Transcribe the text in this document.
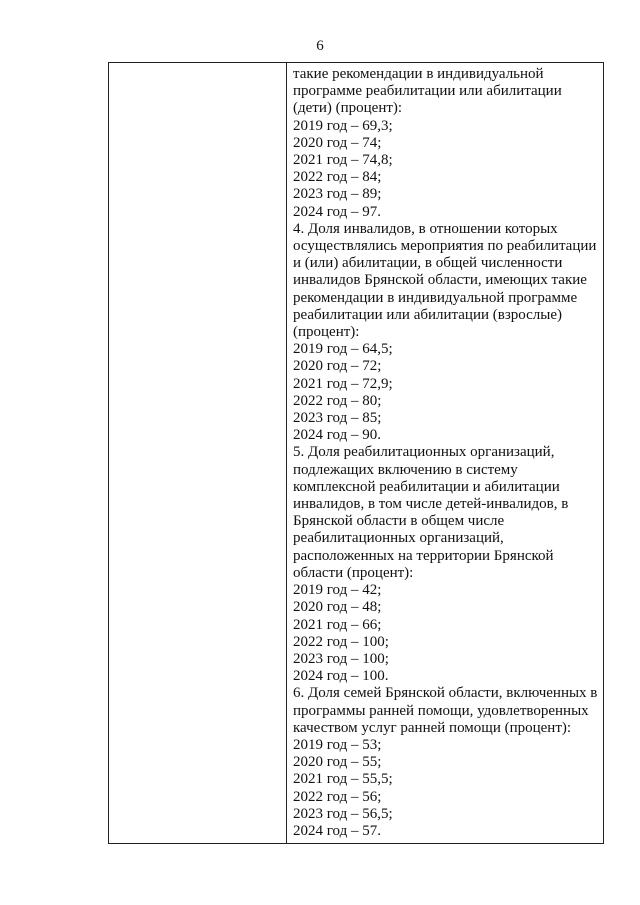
6
такие рекомендации в индивидуальной
программе реабилитации или абилитации
(дети) (процент):
2019 год – 69,3;
2020 год – 74;
2021 год – 74,8;
2022 год – 84;
2023 год – 89;
2024 год – 97.
4. Доля инвалидов, в отношении которых
осуществлялись мероприятия по реабилитации
и (или) абилитации, в общей численности
инвалидов Брянской области, имеющих такие
рекомендации в индивидуальной программе
реабилитации или абилитации (взрослые)
(процент):
2019 год – 64,5;
2020 год – 72;
2021 год – 72,9;
2022 год – 80;
2023 год – 85;
2024 год – 90.
5. Доля реабилитационных организаций,
подлежащих включению в систему
комплексной реабилитации и абилитации
инвалидов, в том числе детей-инвалидов, в
Брянской области в общем числе
реабилитационных организаций,
расположенных на территории Брянской
области (процент):
2019 год – 42;
2020 год – 48;
2021 год – 66;
2022 год – 100;
2023 год – 100;
2024 год – 100.
6. Доля семей Брянской области, включенных в
программы ранней помощи, удовлетворенных
качеством услуг ранней помощи (процент):
2019 год – 53;
2020 год – 55;
2021 год – 55,5;
2022 год – 56;
2023 год – 56,5;
2024 год – 57.
